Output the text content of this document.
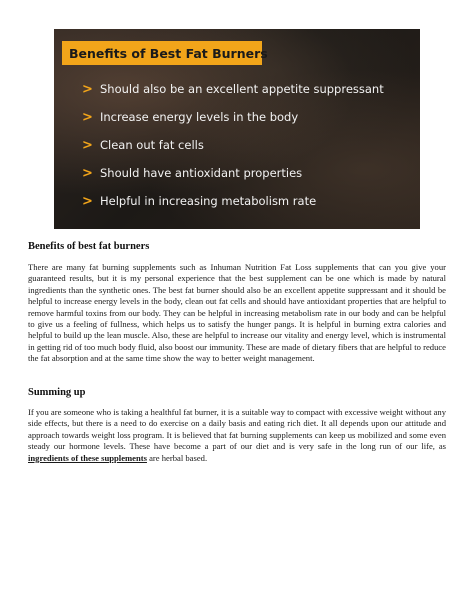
Benefits of Best Fat Burners
> Should also be an excellent appetite suppressant
> Increase energy levels in the body
> Clean out fat cells
> Should have antioxidant properties
> Helpful in increasing metabolism rate
Benefits of best fat burners

There are many fat burning supplements such as Inhuman Nutrition Fat Loss supplements that can you give your guaranteed results, but it is my personal experience that the best supplement can be one which is made by natural ingredients than the synthetic ones. The best fat burner should also be an excellent appetite suppressant and it should be helpful to increase energy levels in the body, clean out fat cells and should have antioxidant properties that are helpful to remove harmful toxins from our body. They can be helpful in increasing metabolism rate in our body and can be helpful to give us a feeling of fullness, which helps us to satisfy the hunger pangs. It is helpful in burning extra calories and helpful to build up the lean muscle. Also, these are helpful to increase our vitality and energy level, which is instrumental in getting rid of too much body fluid, also boost our immunity. These are made of dietary fibers that are helpful to reduce the fat absorption and at the same time show the way to better weight management.

Summing up

If you are someone who is taking a healthful fat burner, it is a suitable way to compact with excessive weight without any side effects, but there is a need to do exercise on a daily basis and eating rich diet. It all depends upon our attitude and approach towards weight loss program. It is believed that fat burning supplements can keep us mobilized and some even steady our hormone levels. These have become a part of our diet and is very safe in the long run of our life, as ingredients of these supplements are herbal based.
